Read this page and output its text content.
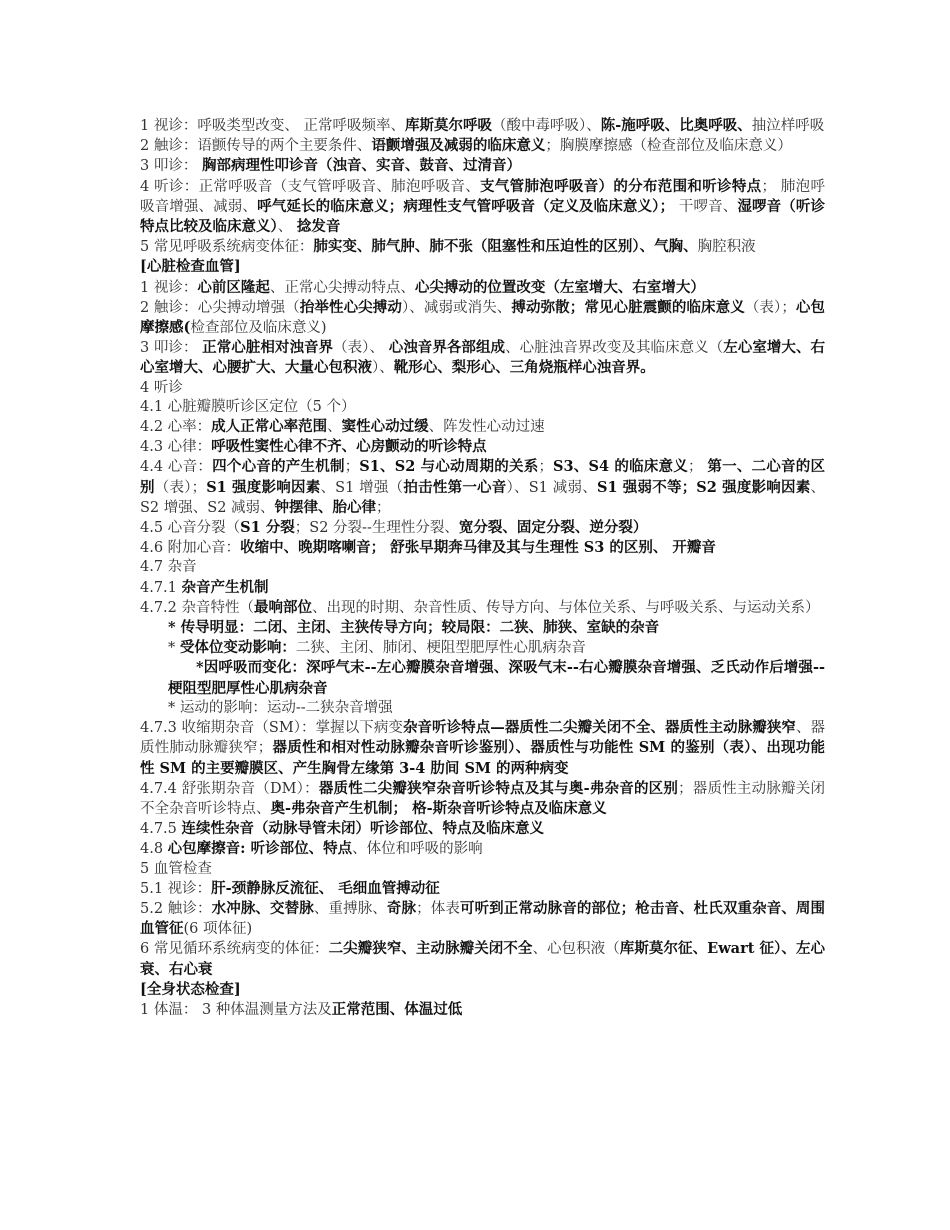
1 视诊：呼吸类型改变、 正常呼吸频率、库斯莫尔呼吸（酸中毒呼吸）、陈-施呼吸、比奥呼吸、抽泣样呼吸

2 触诊：语颤传导的两个主要条件、语颤增强及减弱的临床意义；胸膜摩擦感（检查部位及临床意义）

3 叩诊： 胸部病理性叩诊音（浊音、实音、鼓音、过清音）

4 听诊：正常呼吸音（支气管呼吸音、肺泡呼吸音、支气管肺泡呼吸音）的分布范围和听诊特点； 肺泡呼吸音增强、减弱、呼气延长的临床意义；病理性支气管呼吸音（定义及临床意义）； 干啰音、湿啰音（听诊特点比较及临床意义）、 捻发音

5 常见呼吸系统病变体征：肺实变、肺气肿、肺不张（阻塞性和压迫性的区别）、气胸、胸腔积液

[心脏检查血管]

1 视诊：心前区隆起、正常心尖搏动特点、心尖搏动的位置改变（左室增大、右室增大）

2 触诊：心尖搏动增强（抬举性心尖搏动）、减弱或消失、搏动弥散；常见心脏震颤的临床意义（表）；心包摩擦感(检查部位及临床意义)

3 叩诊： 正常心脏相对浊音界（表）、 心浊音界各部组成、心脏浊音界改变及其临床意义（左心室增大、右心室增大、心腰扩大、大量心包积液）、靴形心、梨形心、三角烧瓶样心浊音界。

4 听诊

4.1 心脏瓣膜听诊区定位（5 个）

4.2 心率：成人正常心率范围、窦性心动过缓、阵发性心动过速

4.3 心律：呼吸性窦性心律不齐、心房颤动的听诊特点

4.4 心音：四个心音的产生机制；S1、S2 与心动周期的关系；S3、S4 的临床意义； 第一、二心音的区别（表）；S1 强度影响因素、S1 增强（拍击性第一心音）、S1 减弱、S1 强弱不等；S2 强度影响因素、S2 增强、S2 减弱、钟摆律、胎心律；

4.5 心音分裂（S1 分裂；S2 分裂--生理性分裂、宽分裂、固定分裂、逆分裂）

4.6 附加心音：收缩中、晚期喀喇音； 舒张早期奔马律及其与生理性 S3 的区别、 开瓣音

4.7 杂音

4.7.1 杂音产生机制

4.7.2 杂音特性（最响部位、出现的时期、杂音性质、传导方向、与体位关系、与呼吸关系、与运动关系）

* 传导明显：二闭、主闭、主狭传导方向；较局限：二狭、肺狭、室缺的杂音

* 受体位变动影响：二狭、主闭、肺闭、梗阻型肥厚性心肌病杂音

*因呼吸而变化：深呼气末--左心瓣膜杂音增强、深吸气末--右心瓣膜杂音增强、乏氏动作后增强--梗阻型肥厚性心肌病杂音

* 运动的影响：运动--二狭杂音增强

4.7.3 收缩期杂音（SM）：掌握以下病变杂音听诊特点—器质性二尖瓣关闭不全、器质性主动脉瓣狭窄、器质性肺动脉瓣狭窄；器质性和相对性动脉瓣杂音听诊鉴别）、器质性与功能性 SM 的鉴别（表）、出现功能性 SM 的主要瓣膜区、产生胸骨左缘第 3-4 肋间 SM 的两种病变

4.7.4 舒张期杂音（DM）：器质性二尖瓣狭窄杂音听诊特点及其与奥-弗杂音的区别；器质性主动脉瓣关闭不全杂音听诊特点、奥-弗杂音产生机制； 格-斯杂音听诊特点及临床意义

4.7.5 连续性杂音（动脉导管未闭）听诊部位、特点及临床意义

4.8 心包摩擦音: 听诊部位、特点、体位和呼吸的影响

5 血管检查

5.1 视诊：肝-颈静脉反流征、 毛细血管搏动征

5.2 触诊：水冲脉、交替脉、重搏脉、奇脉；体表可听到正常动脉音的部位；枪击音、杜氏双重杂音、周围血管征(6 项体征)

6 常见循环系统病变的体征：二尖瓣狭窄、主动脉瓣关闭不全、心包积液（库斯莫尔征、Ewart 征）、左心衰、右心衰

[全身状态检查]

1 体温： 3 种体温测量方法及正常范围、体温过低
